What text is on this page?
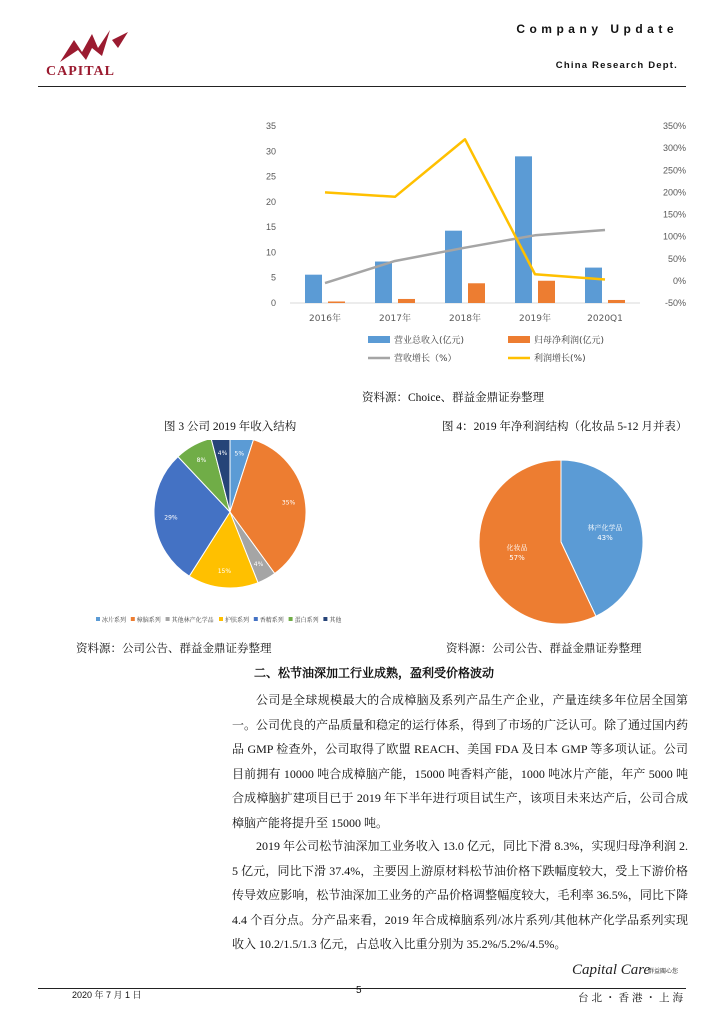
CAPITAL
Company Update
China Research Dept.
0
5
10
15
20
25
30
35
-50%
0%
50%
100%
150%
200%
250%
300%
350%
2016年	2017年	2018年	2019年	2020Q1
营业总收入(亿元)	归母净利润(亿元)
营收增长（%）	利润增长(%)
资料源：Choice、群益金鼎证券整理
图 3 公司 2019 年收入结构	图 4：2019 年净利润结构（化妆品 5-12 月并表）
5%
35%
4%
15%
29%
8%
4%
冰片系列 樟脑系列 其他林产化学品 护肤系列 香精系列 蛋白系列 其他
林产化学品
43%
化妆品
57%
资料源：公司公告、群益金鼎证券整理	资料源：公司公告、群益金鼎证券整理
二、松节油深加工行业成熟，盈利受价格波动
公司是全球规模最大的合成樟脑及系列产品生产企业，产量连续多年位居全国第一。公司优良的产品质量和稳定的运行体系，得到了市场的广泛认可。除了通过国内药品 GMP 检查外，公司取得了欧盟 REACH、美国 FDA 及日本 GMP 等多项认证。公司目前拥有 10000 吨合成樟脑产能，15000 吨香料产能，1000 吨冰片产能，年产 5000 吨合成樟脑扩建项目已于 2019 年下半年进行项目试生产，该项目未来达产后，公司合成樟脑产能将提升至 15000 吨。
2019 年公司松节油深加工业务收入 13.0 亿元，同比下滑 8.3%，实现归母净利润 2.5 亿元，同比下滑 37.4%，主要因上游原材料松节油价格下跌幅度较大，受上下游价格传导效应影响，松节油深加工业务的产品价格调整幅度较大，毛利率 36.5%，同比下降 4.4 个百分点。分产品来看，2019 年合成樟脑系列/冰片系列/其他林产化学品系列实现收入 10.2/1.5/1.3 亿元，占总收入比重分别为 35.2%/5.2%/4.5%。
Capital Care
群益關心您
2020 年 7 月 1 日	5
台北・香港・上海
